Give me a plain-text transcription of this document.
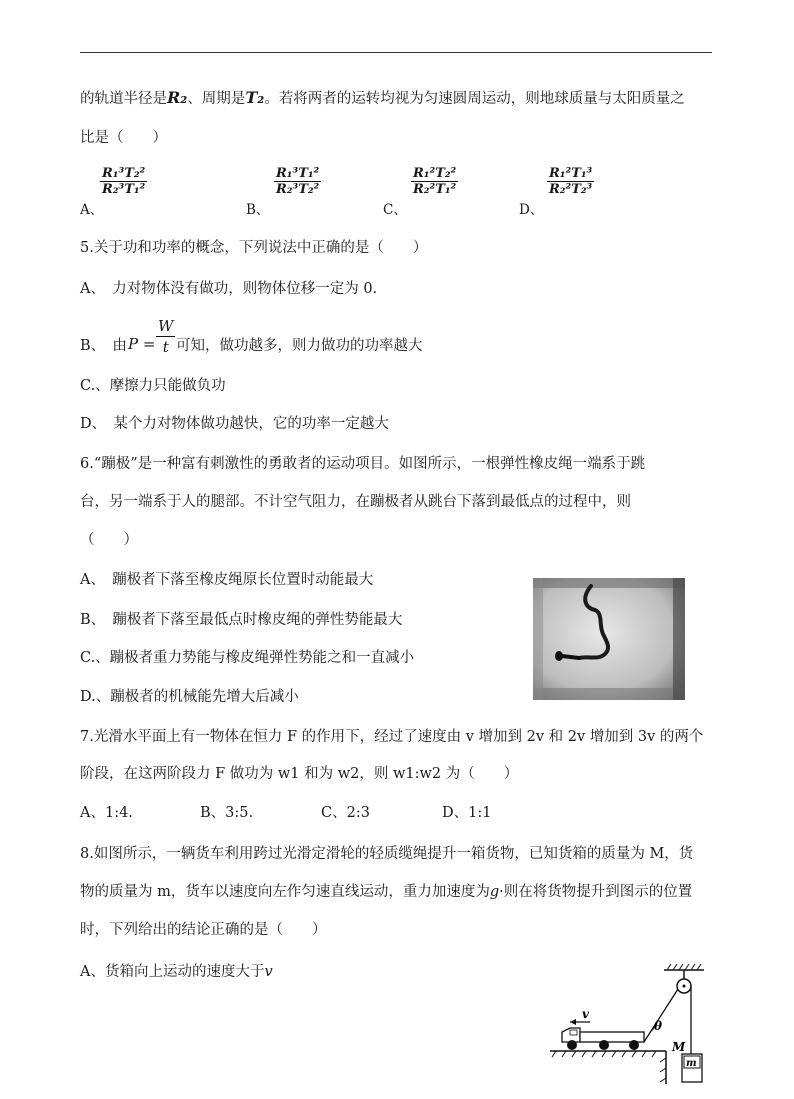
的轨道半径是R₂、周期是T₂。若将两者的运转均视为匀速圆周运动，则地球质量与太阳质量之
比是（　　）
A、
$\frac{\text{R₁³T₂²}}{\text{R₂³T₁²}}$
B、
$\frac{\text{R₁³T₁²}}{\text{R₂³T₂²}}$
C、
$\frac{\text{R₁²T₂²}}{\text{R₂²T₁²}}$
D、
$\frac{\text{R₁²T₁³}}{\text{R₂²T₂³}}$
5.关于功和功率的概念，下列说法中正确的是（　　）
A、　力对物体没有做功，则物体位移一定为 0.
B、　由 $P = \frac{W}{t}$ 可知，做功越多，则力做功的功率越大
C.、摩擦力只能做负功
D、　某个力对物体做功越快，它的功率一定越大
6.“蹦极”是一种富有刺激性的勇敢者的运动项目。如图所示，一根弹性橡皮绳一端系于跳
台，另一端系于人的腿部。不计空气阻力，在蹦极者从跳台下落到最低点的过程中，则
（　　）
A、　蹦极者下落至橡皮绳原长位置时动能最大
B、　蹦极者下落至最低点时橡皮绳的弹性势能最大
C.、蹦极者重力势能与橡皮绳弹性势能之和一直减小
D.、蹦极者的机械能先增大后减小
7.光滑水平面上有一物体在恒力 F 的作用下，经过了速度由 v 增加到 2v 和 2v 增加到 3v 的两个
阶段，在这两阶段力 F 做功为 w1 和为 w2，则 w1:w2 为（　　）
A、1:4.	B、3:5.	C、2:3	D、1:1
8.如图所示，一辆货车利用跨过光滑定滑轮的轻质缆绳提升一箱货物，已知货箱的质量为 M，货
物的质量为 m，货车以速度向左作匀速直线运动，重力加速度为g·则在将货物提升到图示的位置
时，下列给出的结论正确的是（　　）
A、货箱向上运动的速度大于v
θ
v
M
m
